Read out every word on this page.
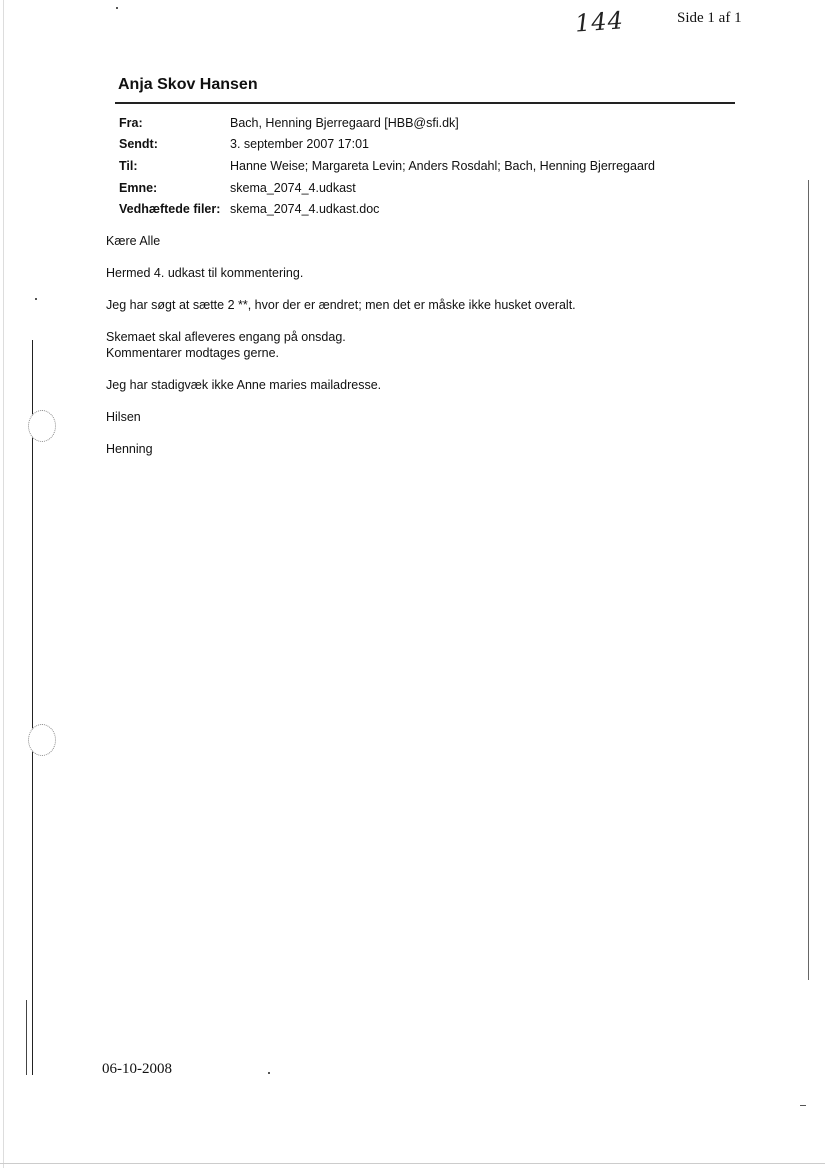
144	Side 1 af 1
Anja Skov Hansen
Fra:	Bach, Henning Bjerregaard [HBB@sfi.dk]
Sendt:	3. september 2007 17:01
Til:	Hanne Weise; Margareta Levin; Anders Rosdahl; Bach, Henning Bjerregaard
Emne:	skema_2074_4.udkast
Vedhæftede filer: skema_2074_4.udkast.doc

Kære Alle

Hermed 4. udkast til kommentering.

Jeg har søgt at sætte 2 **, hvor der er ændret; men det er måske ikke husket overalt.

Skemaet skal afleveres engang på onsdag.

Kommentarer modtages gerne.

Jeg har stadigvæk ikke Anne maries mailadresse.

Hilsen

Henning

06-10-2008
